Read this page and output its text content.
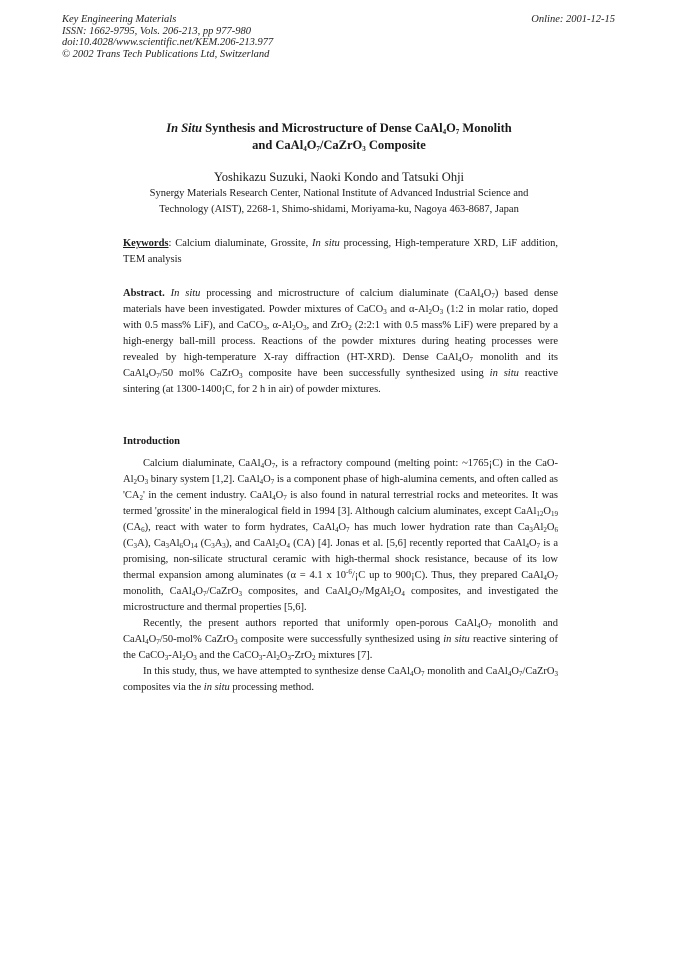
Key Engineering Materials
ISSN: 1662-9795, Vols. 206-213, pp 977-980
doi:10.4028/www.scientific.net/KEM.206-213.977
© 2002 Trans Tech Publications Ltd, Switzerland
Online: 2001-12-15
In Situ Synthesis and Microstructure of Dense $CaAl_4O_7$ Monolith
and $CaAl_4O_7/CaZrO_3$ Composite
Yoshikazu Suzuki, Naoki Kondo and Tatsuki Ohji
Synergy Materials Research Center, National Institute of Advanced Industrial Science and
Technology (AIST), 2268-1, Shimo-shidami, Moriyama-ku, Nagoya 463-8687, Japan
Keywords: Calcium dialuminate, Grossite, In situ processing, High-temperature XRD, LiF addition, TEM analysis
Abstract. In situ processing and microstructure of calcium dialuminate $(CaAl_4O_7)$ based dense materials have been investigated. Powder mixtures of CaCO$_3$ and $\alpha-Al_2O_3$ (1:2 in molar ratio, doped with 0.5 mass% LiF), and CaCO$_3$, $\alpha-Al_2O_3$, and ZrO$_2$ (2:2:1 with 0.5 mass% LiF) were prepared by a high-energy ball-mill process. Reactions of the powder mixtures during heating processes were revealed by high-temperature X-ray diffraction (HT-XRD). Dense $CaAl_4O_7$ monolith and its $CaAl_4O_7/50$ mol% CaZrO$_3$ composite have been successfully synthesized using in situ reactive sintering (at 1300-1400¡C, for 2 h in air) of powder mixtures.
Introduction

Calcium dialuminate, $CaAl_4O_7$, is a refractory compound (melting point: ~1765¡C) in the CaO-$Al_2O_3$ binary system [1,2]. $CaAl_4O_7$ is a component phase of high-alumina cements, and often called as '$CA_2$' in the cement industry. $CaAl_4O_7$ is also found in natural terrestrial rocks and meteorites. It was termed 'grossite' in the mineralogical field in 1994 [3]. Although calcium aluminates, except $CaAl_{12}O_{19}$ $(CA_6)$, react with water to form hydrates, $CaAl_4O_7$ has much lower hydration rate than $Ca_3Al_2O_6$ $(C_3A)$, $Ca_3Al_6O_{14}$ $(C_3A_3)$, and $CaAl_2O_4$ (CA) [4]. Jonas et al. [5,6] recently reported that $CaAl_4O_7$ is a promising, non-silicate structural ceramic with high-thermal shock resistance, because of its low thermal expansion among aluminates (α = 4.1 x $10^{-6}/¡C$ up to 900¡C). Thus, they prepared $CaAl_4O_7$ monolith, $CaAl_4O_7/CaZrO_3$ composites, and $CaAl_4O_7/MgAl_2O_4$ composites, and investigated the microstructure and thermal properties [5,6].

Recently, the present authors reported that uniformly open-porous $CaAl_4O_7$ monolith and $CaAl_4O_7/50-mol\%$ CaZrO$_3$ composite were successfully synthesized using in situ reactive sintering of the $CaCO_3-Al_2O_3$ and the $CaCO_3-Al_2O_3-ZrO_2$ mixtures [7].

In this study, thus, we have attempted to synthesize dense $CaAl_4O_7$ monolith and $CaAl_4O_7/CaZrO_3$ composites via the in situ processing method.
